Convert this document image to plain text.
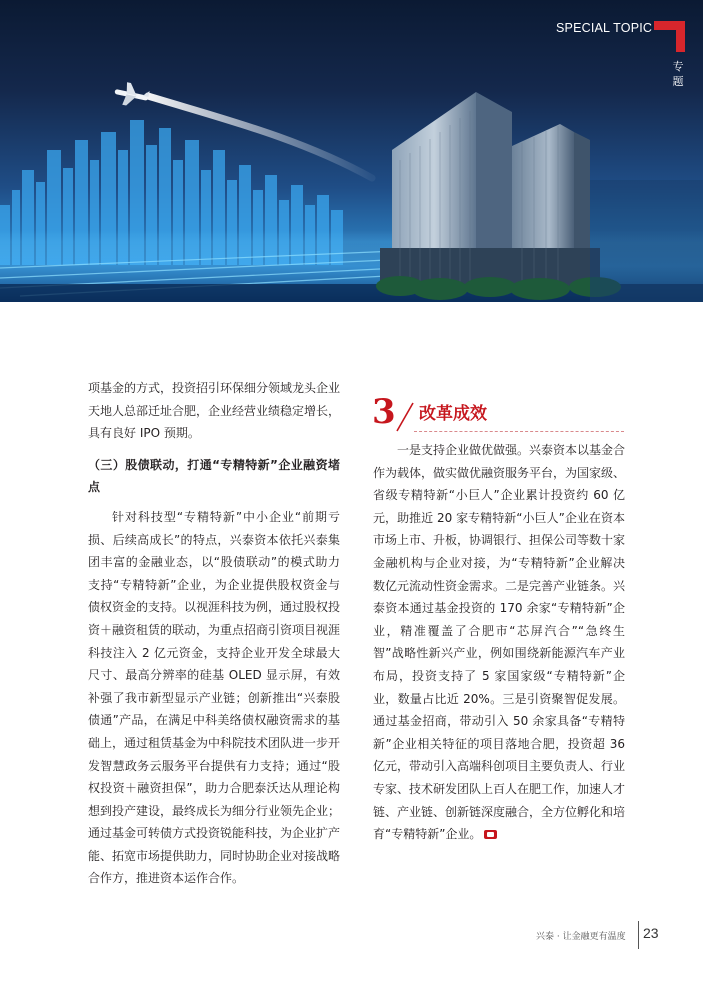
SPECIAL TOPIC
专题

项基金的方式，投资招引环保细分领域龙头企业天地人总部迁址合肥，企业经营业绩稳定增长，具有良好 IPO 预期。

（三）股债联动，打通“专精特新”企业融资堵点

针对科技型“专精特新”中小企业“前期亏损、后续高成长”的特点，兴泰资本依托兴泰集团丰富的金融业态，以“股债联动”的模式助力支持“专精特新”企业，为企业提供股权资金与债权资金的支持。以视涯科技为例，通过股权投资＋融资租赁的联动，为重点招商引资项目视涯科技注入 2 亿元资金，支持企业开发全球最大尺寸、最高分辨率的硅基 OLED 显示屏，有效补强了我市新型显示产业链；创新推出“兴泰股债通”产品，在满足中科美络债权融资需求的基础上，通过租赁基金为中科院技术团队进一步开发智慧政务云服务平台提供有力支持；通过“股权投资＋融资担保”，助力合肥泰沃达从理论构想到投产建设，最终成长为细分行业领先企业；通过基金可转债方式投资锐能科技，为企业扩产能、拓宽市场提供助力，同时协助企业对接战略合作方，推进资本运作合作。

3 改革成效

一是支持企业做优做强。兴泰资本以基金合作为载体，做实做优融资服务平台，为国家级、省级专精特新“小巨人”企业累计投资约 60 亿元，助推近 20 家专精特新“小巨人”企业在资本市场上市、升板，协调银行、担保公司等数十家金融机构与企业对接，为“专精特新”企业解决数亿元流动性资金需求。二是完善产业链条。兴泰资本通过基金投资的 170 余家“专精特新”企业，精准覆盖了合肥市“芯屏汽合”“急终生智”战略性新兴产业，例如围绕新能源汽车产业布局，投资支持了 5 家国家级“专精特新”企业，数量占比近 20%。三是引资聚智促发展。通过基金招商，带动引入 50 余家具备“专精特新”企业相关特征的项目落地合肥，投资超 36 亿元，带动引入高端科创项目主要负责人、行业专家、技术研发团队上百人在肥工作，加速人才链、产业链、创新链深度融合，全方位孵化和培育“专精特新”企业。

兴泰 · 让金融更有温度 23
